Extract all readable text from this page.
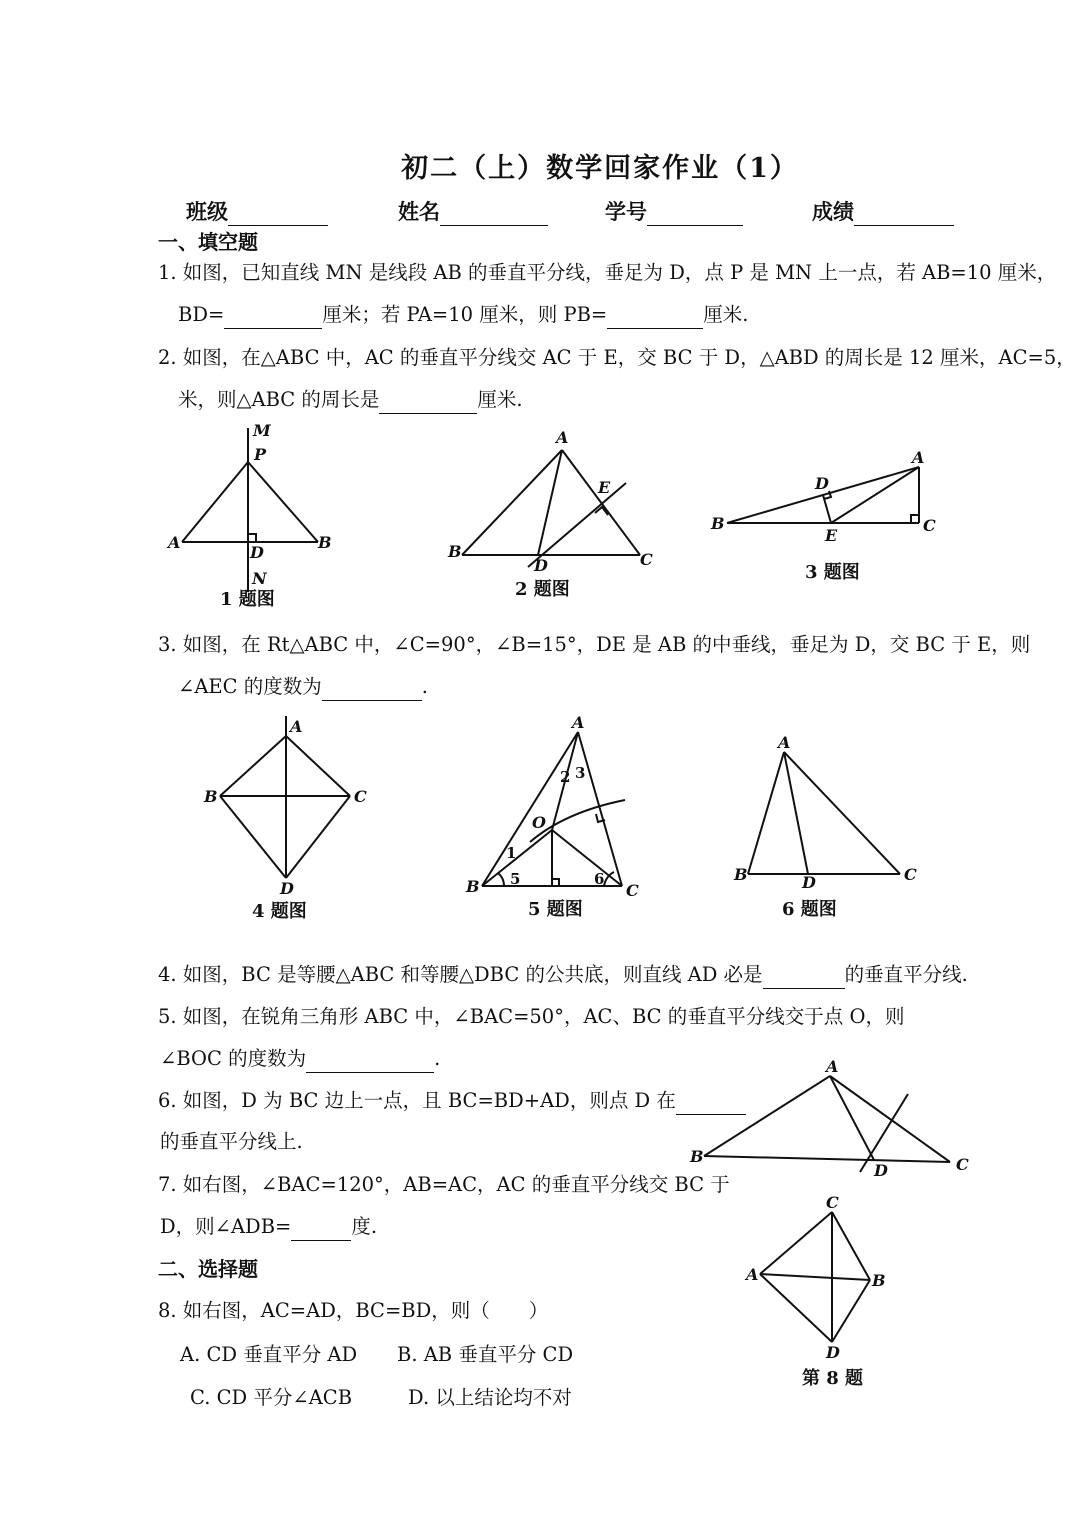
初二（上）数学回家作业（1）
班级	姓名	学号	成绩
一、填空题
1. 如图，已知直线 MN 是线段 AB 的垂直平分线，垂足为 D，点 P 是 MN 上一点，若 AB=10 厘米，
BD=	厘米；若 PA=10 厘米，则 PB=	厘米.
2. 如图，在△ABC 中，AC 的垂直平分线交 AC 于 E，交 BC 于 D，△ABD 的周长是 12 厘米，AC=5，
米，则△ABC 的周长是	厘米.
M
P
A	B
D
N
1 题图
A
E
B
D	C
2 题图
A
D
B
E
C
3 题图
3. 如图，在 Rt△ABC 中，∠C=90°，∠B=15°，DE 是 AB 的中垂线，垂足为 D，交 BC 于 E，则
∠AEC 的度数为	.
A
B	C
D
4 题图
A
O
B	C
1
2 3
5	6
5 题图
A
B	D	C
6 题图
4. 如图，BC 是等腰△ABC 和等腰△DBC 的公共底，则直线 AD 必是	的垂直平分线.
5. 如图，在锐角三角形 ABC 中，∠BAC=50°，AC、BC 的垂直平分线交于点 O，则
∠BOC 的度数为	.
6. 如图，D 为 BC 边上一点，且 BC=BD+AD，则点 D 在
的垂直平分线上.
7. 如右图，∠BAC=120°，AB=AC，AC 的垂直平分线交 BC 于
D，则∠ADB=	度.
A
B
D	C
二、选择题
8. 如右图，AC=AD，BC=BD，则（　　）
A. CD 垂直平分 AD B. AB 垂直平分 CD
C. CD 平分∠ACB	D. 以上结论均不对
C
A	B
D
第 8 题
